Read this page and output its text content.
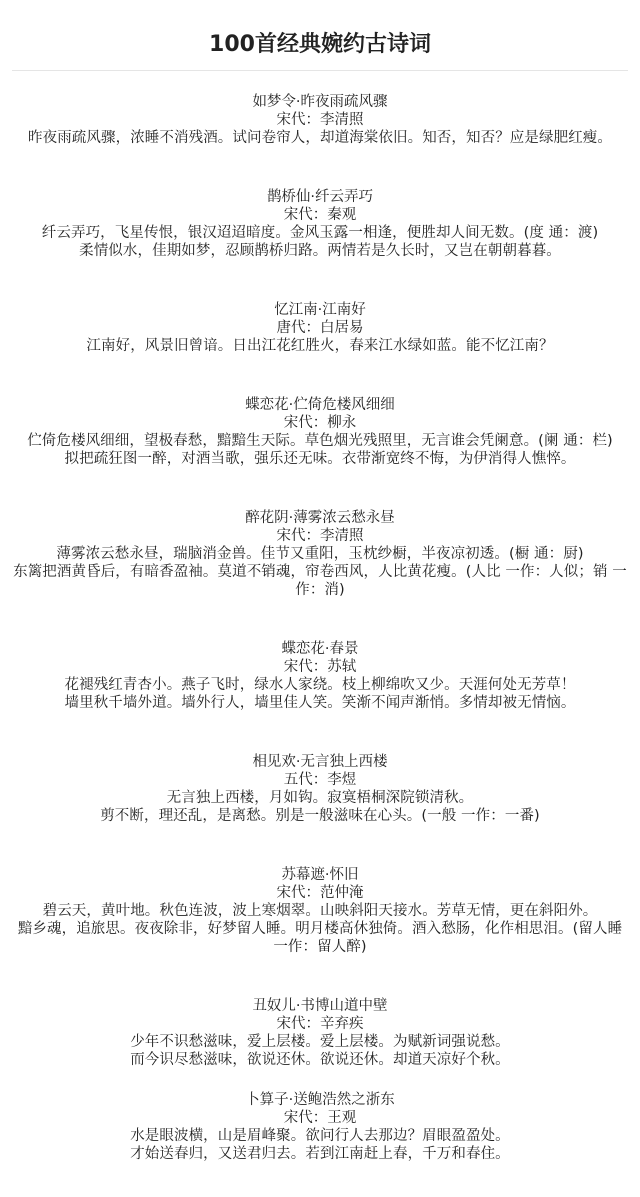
100首经典婉约古诗词
如梦令·昨夜雨疏风骤
宋代：李清照
昨夜雨疏风骤，浓睡不消残酒。试问卷帘人，却道海棠依旧。知否，知否？应是绿肥红瘦。
鹊桥仙·纤云弄巧
宋代：秦观
纤云弄巧，飞星传恨，银汉迢迢暗度。金风玉露一相逢，便胜却人间无数。(度 通：渡)
柔情似水，佳期如梦，忍顾鹊桥归路。两情若是久长时，又岂在朝朝暮暮。
忆江南·江南好
唐代：白居易
江南好，风景旧曾谙。日出江花红胜火，春来江水绿如蓝。能不忆江南？
蝶恋花·伫倚危楼风细细
宋代：柳永
伫倚危楼风细细，望极春愁，黯黯生天际。草色烟光残照里，无言谁会凭阑意。(阑 通：栏)
拟把疏狂图一醉，对酒当歌，强乐还无味。衣带渐宽终不悔，为伊消得人憔悴。
醉花阴·薄雾浓云愁永昼
宋代：李清照
薄雾浓云愁永昼，瑞脑消金兽。佳节又重阳，玉枕纱橱，半夜凉初透。(橱 通：厨)
东篱把酒黄昏后，有暗香盈袖。莫道不销魂，帘卷西风，人比黄花瘦。(人比 一作：人似；销 一作：消)
蝶恋花·春景
宋代：苏轼
花褪残红青杏小。燕子飞时，绿水人家绕。枝上柳绵吹又少。天涯何处无芳草！
墙里秋千墙外道。墙外行人，墙里佳人笑。笑渐不闻声渐悄。多情却被无情恼。
相见欢·无言独上西楼
五代：李煜
无言独上西楼，月如钩。寂寞梧桐深院锁清秋。
剪不断，理还乱，是离愁。别是一般滋味在心头。(一般 一作：一番)
苏幕遮·怀旧
宋代：范仲淹
碧云天，黄叶地。秋色连波，波上寒烟翠。山映斜阳天接水。芳草无情，更在斜阳外。
黯乡魂，追旅思。夜夜除非，好梦留人睡。明月楼高休独倚。酒入愁肠，化作相思泪。(留人睡 一作：留人醉)
丑奴儿·书博山道中壁
宋代：辛弃疾
少年不识愁滋味，爱上层楼。爱上层楼。为赋新词强说愁。
而今识尽愁滋味，欲说还休。欲说还休。却道天凉好个秋。
卜算子·送鲍浩然之浙东
宋代：王观
水是眼波横，山是眉峰聚。欲问行人去那边？眉眼盈盈处。
才始送春归，又送君归去。若到江南赶上春，千万和春住。
